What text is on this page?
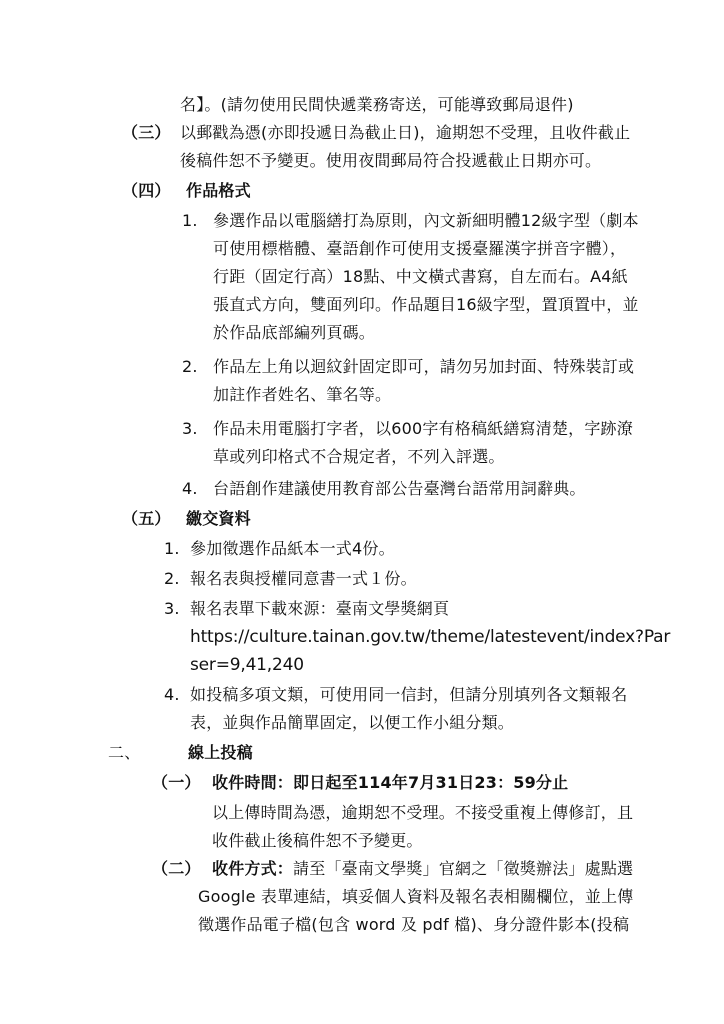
名】。(請勿使用民間快遞業務寄送，可能導致郵局退件)
（三） 以郵戳為憑(亦即投遞日為截止日)，逾期恕不受理，且收件截止
後稿件恕不予變更。使用夜間郵局符合投遞截止日期亦可。
（四） 作品格式
1. 參選作品以電腦繕打為原則，內文新細明體12級字型（劇本
可使用標楷體、臺語創作可使用支援臺羅漢字拼音字體），
行距（固定行高）18點、中文橫式書寫，自左而右。A4紙
張直式方向，雙面列印。作品題目16級字型，置頂置中，並
於作品底部編列頁碼。
2. 作品左上角以迴紋針固定即可，請勿另加封面、特殊裝訂或
加註作者姓名、筆名等。
3. 作品未用電腦打字者，以600字有格稿紙繕寫清楚，字跡潦
草或列印格式不合規定者，不列入評選。
4. 台語創作建議使用教育部公告臺灣台語常用詞辭典。
（五） 繳交資料
1. 參加徵選作品紙本一式4份。
2. 報名表與授權同意書一式１份。
3. 報名表單下載來源：臺南文學獎網頁
https://culture.tainan.gov.tw/theme/latestevent/index?Par
ser=9,41,240
4. 如投稿多項文類，可使用同一信封，但請分別填列各文類報名
表，並與作品簡單固定，以便工作小組分類。
二、	線上投稿
（一） 收件時間：即日起至114年7月31日23：59分止
以上傳時間為憑，逾期恕不受理。不接受重複上傳修訂，且
收件截止後稿件恕不予變更。
（二） 收件方式：請至「臺南文學獎」官網之「徵獎辦法」處點選
Google 表單連結，填妥個人資料及報名表相關欄位，並上傳
徵選作品電子檔(包含 word 及 pdf 檔)、身分證件影本(投稿
